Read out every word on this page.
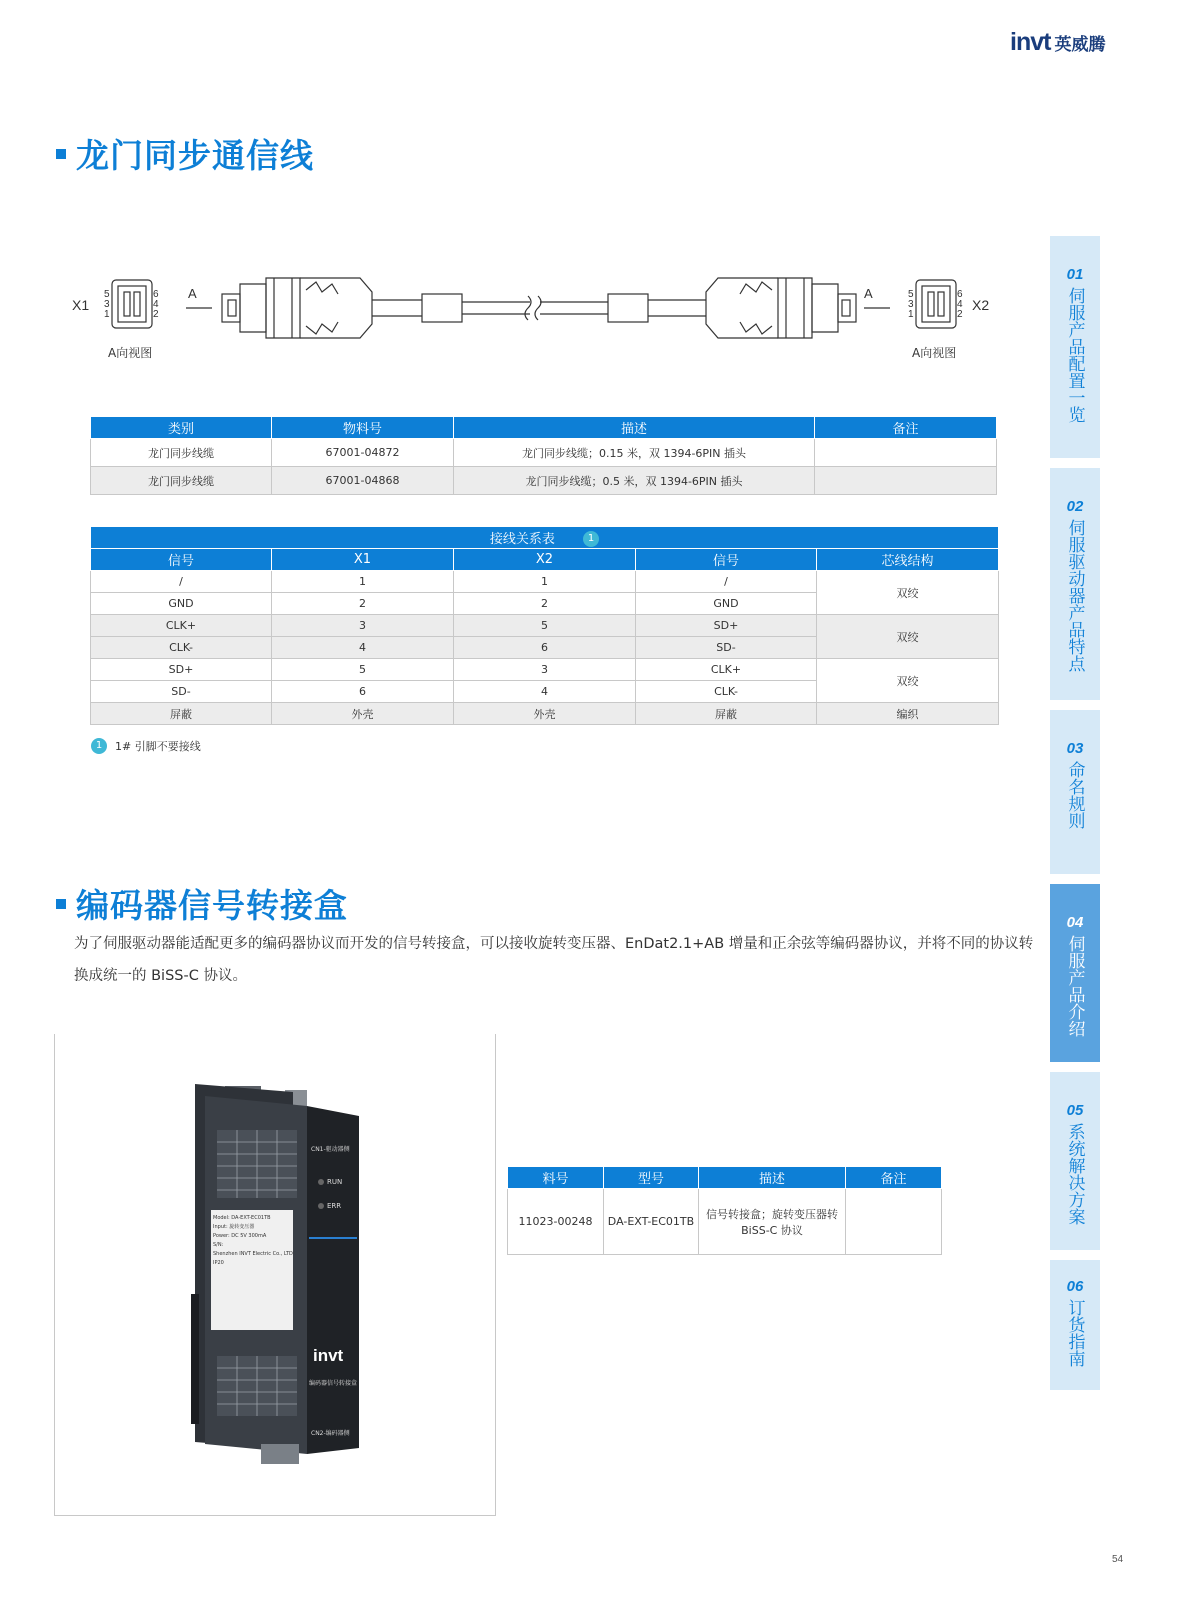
invt 英威腾
龙门同步通信线
X1
5
3
1
6
4
2
A
A向视图
A	5
3
1
6
4
2
X2
A向视图
类别	物料号	描述	备注
龙门同步线缆	67001-04872	龙门同步线缆；0.15 米，双 1394-6PIN 插头	
龙门同步线缆	67001-04868	龙门同步线缆；0.5 米，双 1394-6PIN 插头	
接线关系表 1				
信号	X1	X2	信号	芯线结构
/	1	1	/	双绞
GND	2	2	GND	
CLK+	3	5	SD+	双绞
CLK-	4	6	SD-	
SD+	5	3	CLK+	双绞
SD-	6	4	CLK-	
屏蔽	外壳	外壳	屏蔽	编织
1	1# 引脚不要接线
编码器信号转接盒

为了伺服驱动器能适配更多的编码器协议而开发的信号转接盒，可以接收旋转变压器、EnDat2.1+AB 增量和正余弦等编码器协议，并将不同的协议转换成统一的 BiSS-C 协议。

CN1-驱动器侧
RUN
ERR
Model: DA-EXT-EC01TB
Input: 旋转变压器
Power: DC 5V 300mA
S/N:
Shenzhen INVT Electric Co., LTD
IP20
invt
编码器信号转接盒
CN2-编码器侧
料号	型号	描述	备注
11023-00248	DA-EXT-EC01TB	信号转接盒；旋转变压器转 BiSS-C 协议	
01
伺服产品配置一览
02
伺服驱动器产品特点
03
命名规则
04
伺服产品介绍
05
系统解决方案
06
订货指南
54
